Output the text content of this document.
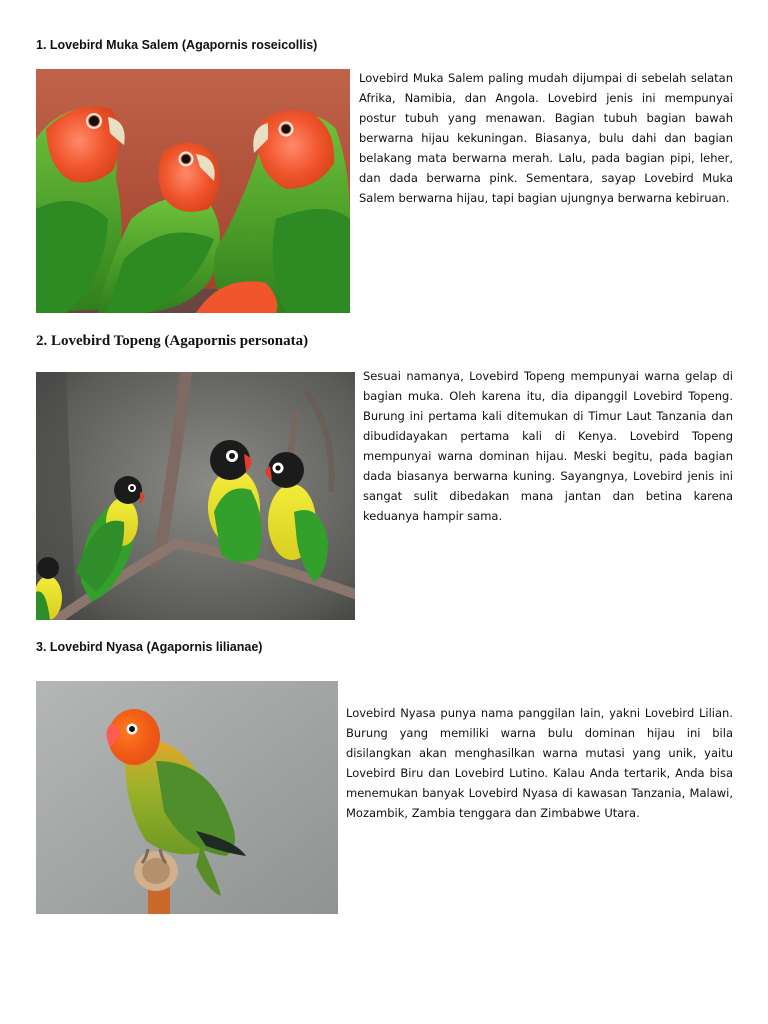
1. Lovebird Muka Salem (Agapornis roseicollis)

Lovebird Muka Salem paling mudah dijumpai di sebelah selatan Afrika, Namibia, dan Angola. Lovebird jenis ini mempunyai postur tubuh yang menawan. Bagian tubuh bagian bawah berwarna hijau kekuningan. Biasanya, bulu dahi dan bagian belakang mata berwarna merah. Lalu, pada bagian pipi, leher, dan dada berwarna pink. Sementara, sayap Lovebird Muka Salem berwarna hijau, tapi bagian ujungnya berwarna kebiruan.

2. Lovebird Topeng (Agapornis personata)

Sesuai namanya, Lovebird Topeng mempunyai warna gelap di bagian muka. Oleh karena itu, dia dipanggil Lovebird Topeng. Burung ini pertama kali ditemukan di Timur Laut Tanzania dan dibudidayakan pertama kali di Kenya. Lovebird Topeng mempunyai warna dominan hijau. Meski begitu, pada bagian dada biasanya berwarna kuning. Sayangnya, Lovebird jenis ini sangat sulit dibedakan mana jantan dan betina karena keduanya hampir sama.

3. Lovebird Nyasa (Agapornis lilianae)

Lovebird Nyasa punya nama panggilan lain, yakni Lovebird Lilian. Burung yang memiliki warna bulu dominan hijau ini bila disilangkan akan menghasilkan warna mutasi yang unik, yaitu Lovebird Biru dan Lovebird Lutino. Kalau Anda tertarik, Anda bisa menemukan banyak Lovebird Nyasa di kawasan Tanzania, Malawi, Mozambik, Zambia tenggara dan Zimbabwe Utara.
